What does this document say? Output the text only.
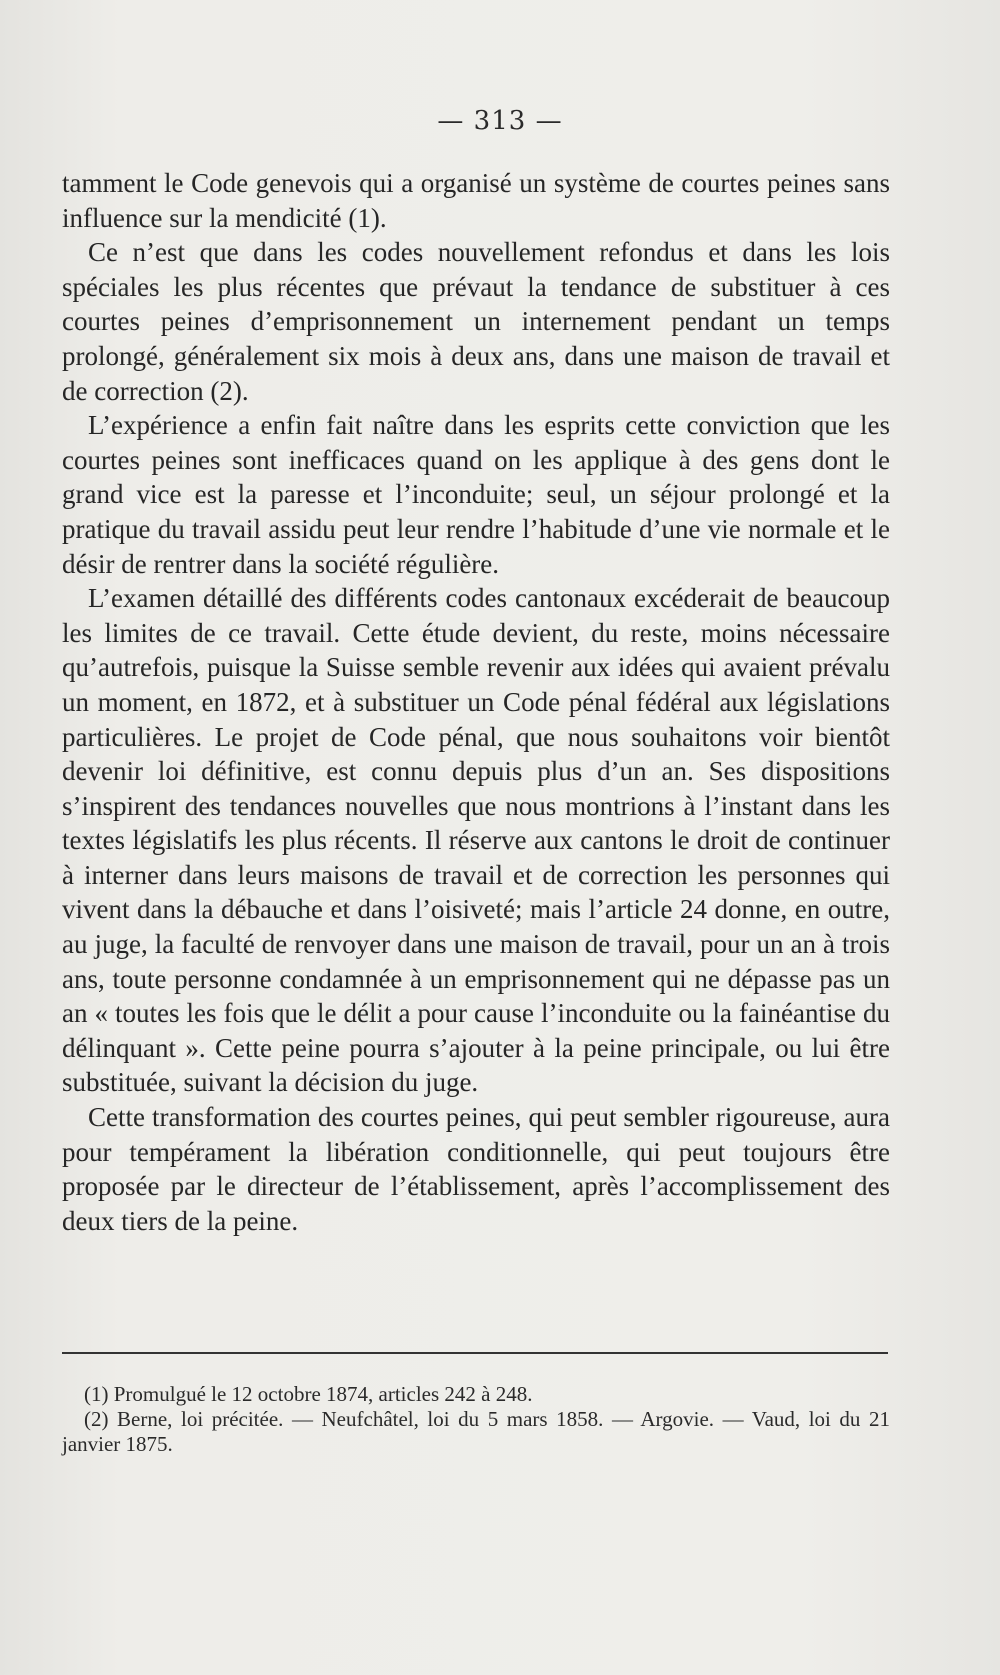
— 313 —

tamment le Code genevois qui a organisé un système de courtes peines sans influence sur la mendicité (1).

Ce n’est que dans les codes nouvellement refondus et dans les lois spéciales les plus récentes que prévaut la tendance de substituer à ces courtes peines d’emprisonnement un internement pendant un temps prolongé, généralement six mois à deux ans, dans une maison de travail et de correction (2).

L’expérience a enfin fait naître dans les esprits cette conviction que les courtes peines sont inefficaces quand on les applique à des gens dont le grand vice est la paresse et l’inconduite; seul, un séjour prolongé et la pratique du travail assidu peut leur rendre l’habitude d’une vie normale et le désir de rentrer dans la société régulière.

L’examen détaillé des différents codes cantonaux excéderait de beaucoup les limites de ce travail. Cette étude devient, du reste, moins nécessaire qu’autrefois, puisque la Suisse semble revenir aux idées qui avaient prévalu un moment, en 1872, et à substituer un Code pénal fédéral aux législations particulières. Le projet de Code pénal, que nous souhaitons voir bientôt devenir loi définitive, est connu depuis plus d’un an. Ses dispositions s’inspirent des tendances nouvelles que nous montrions à l’instant dans les textes législatifs les plus récents. Il réserve aux cantons le droit de continuer à interner dans leurs maisons de travail et de correction les personnes qui vivent dans la débauche et dans l’oisiveté; mais l’article 24 donne, en outre, au juge, la faculté de renvoyer dans une maison de travail, pour un an à trois ans, toute personne condamnée à un emprisonnement qui ne dépasse pas un an « toutes les fois que le délit a pour cause l’inconduite ou la fainéantise du délinquant ». Cette peine pourra s’ajouter à la peine principale, ou lui être substituée, suivant la décision du juge.

Cette transformation des courtes peines, qui peut sembler rigoureuse, aura pour tempérament la libération conditionnelle, qui peut toujours être proposée par le directeur de l’établissement, après l’accomplissement des deux tiers de la peine.

(1) Promulgué le 12 octobre 1874, articles 242 à 248.

(2) Berne, loi précitée. — Neufchâtel, loi du 5 mars 1858. — Argovie. — Vaud, loi du 21 janvier 1875.
